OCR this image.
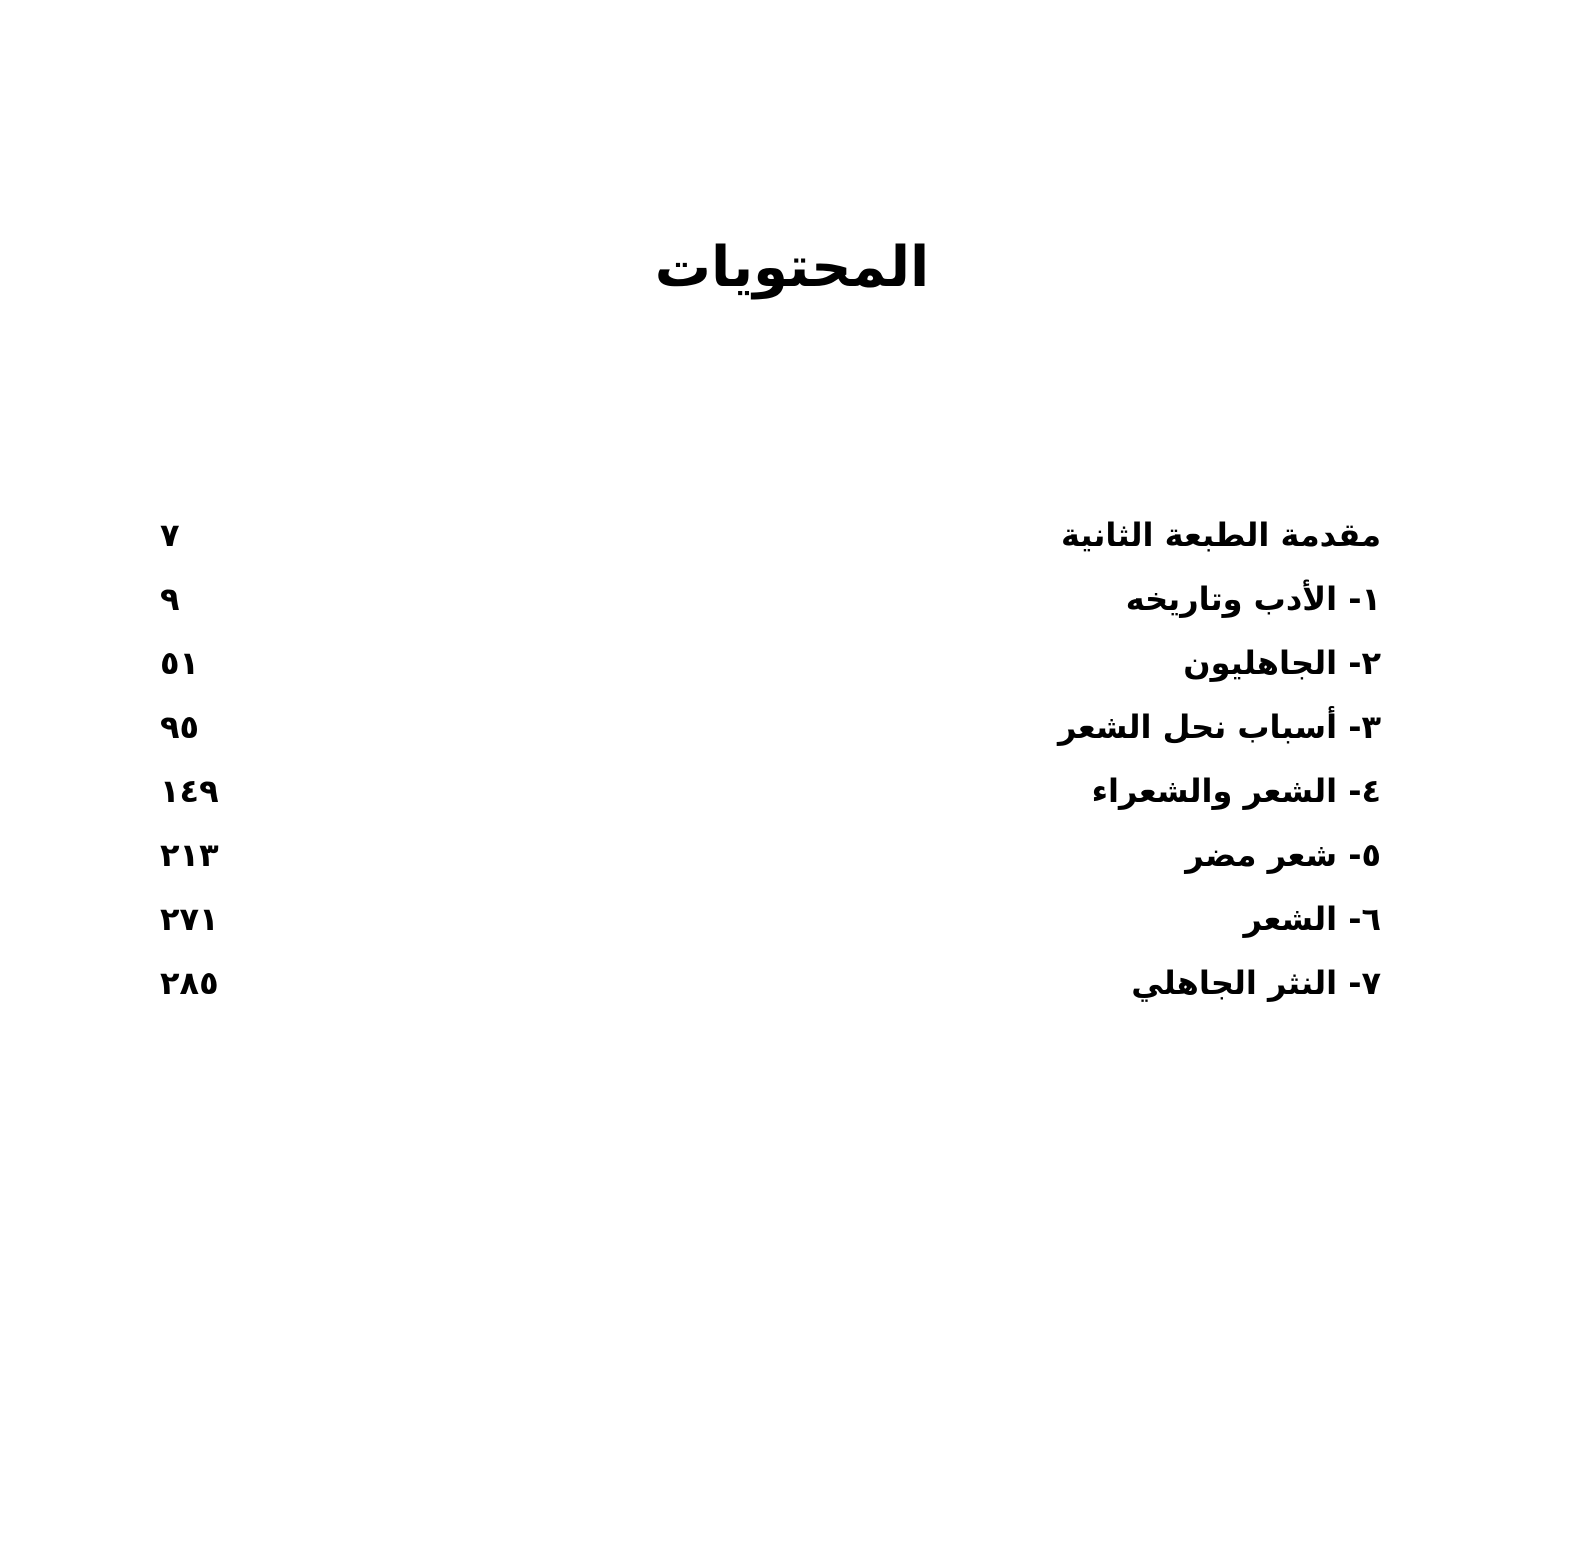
المحتويات
مقدمة الطبعة الثانية
٧
١- الأدب وتاريخه
٩
٢- الجاهليون
٥١
٣- أسباب نحل الشعر
٩٥
٤- الشعر والشعراء
١٤٩
٥- شعر مضر
٢١٣
٦- الشعر
٢٧١
٧- النثر الجاهلي
٢٨٥
